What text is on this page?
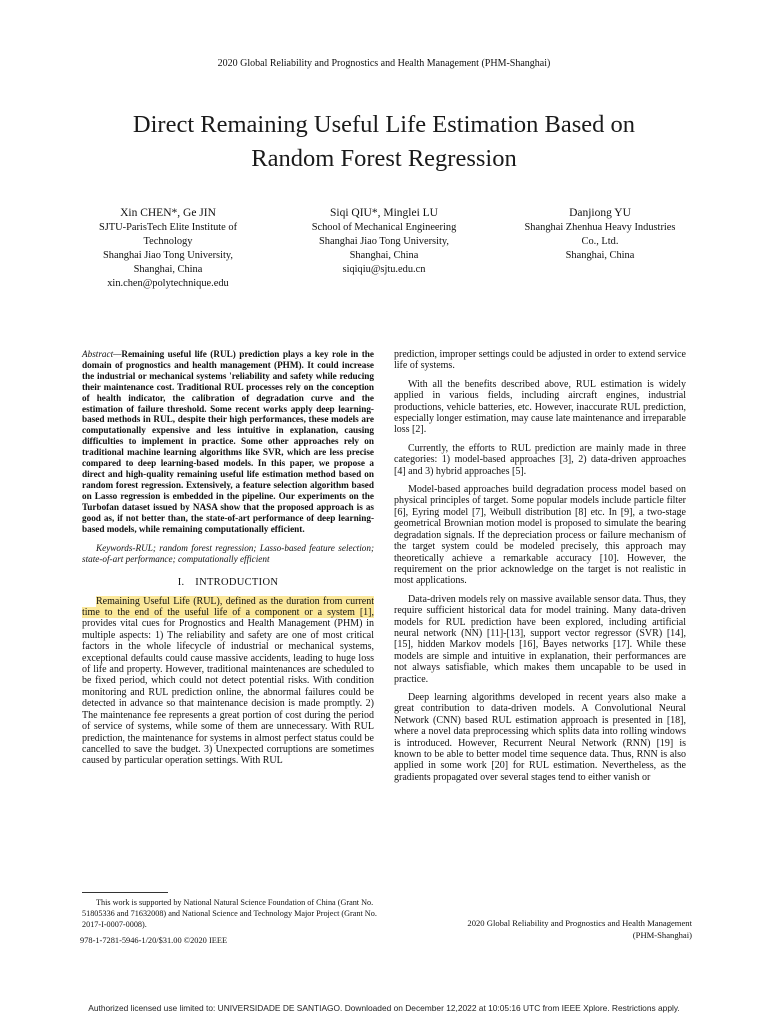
2020 Global Reliability and Prognostics and Health Management (PHM-Shanghai)
Direct Remaining Useful Life Estimation Based on
Random Forest Regression
Xin CHEN*, Ge JIN
SJTU-ParisTech Elite Institute of
Technology
Shanghai Jiao Tong University,
Shanghai, China
xin.chen@polytechnique.edu
Siqi QIU*, Minglei LU
School of Mechanical Engineering
Shanghai Jiao Tong University,
Shanghai, China
siqiqiu@sjtu.edu.cn
Danjiong YU
Shanghai Zhenhua Heavy Industries
Co., Ltd.
Shanghai, China

Abstract—Remaining useful life (RUL) prediction plays a key role in the domain of prognostics and health management (PHM). It could increase the industrial or mechanical systems 'reliability and safety while reducing their maintenance cost. Traditional RUL processes rely on the conception of health indicator, the calibration of degradation curve and the estimation of failure threshold. Some recent works apply deep learning-based methods in RUL, despite their high performances, these models are computationally expensive and less intuitive in explanation, causing difficulties to implement in practice. Some other approaches rely on traditional machine learning algorithms like SVR, which are less precise compared to deep learning-based models. In this paper, we propose a direct and high-quality remaining useful life estimation method based on random forest regression. Extensively, a feature selection algorithm based on Lasso regression is embedded in the pipeline. Our experiments on the Turbofan dataset issued by NASA show that the proposed approach is as good as, if not better than, the state-of-art performance of deep learning-based models, while remaining computationally efficient.

Keywords-RUL; random forest regression; Lasso-based feature selection; state-of-art performance; computationally efficient

I. INTRODUCTION

Remaining Useful Life (RUL), defined as the duration from current time to the end of the useful life of a component or a system [1], provides vital cues for Prognostics and Health Management (PHM) in multiple aspects: 1) The reliability and safety are one of most critical factors in the whole lifecycle of industrial or mechanical systems, exceptional defaults could cause massive accidents, leading to huge loss of life and property. However, traditional maintenances are scheduled to be fixed period, which could not detect potential risks. With condition monitoring and RUL prediction online, the abnormal failures could be detected in advance so that maintenance decision is made promptly. 2) The maintenance fee represents a great portion of cost during the period of service of systems, while some of them are unnecessary. With RUL prediction, the maintenance for systems in almost perfect status could be cancelled to save the budget. 3) Unexpected corruptions are sometimes caused by particular operation settings. With RUL

prediction, improper settings could be adjusted in order to extend service life of systems.

With all the benefits described above, RUL estimation is widely applied in various fields, including aircraft engines, industrial productions, vehicle batteries, etc. However, inaccurate RUL prediction, especially longer estimation, may cause late maintenance and irreparable loss [2].

Currently, the efforts to RUL prediction are mainly made in three categories: 1) model-based approaches [3], 2) data-driven approaches [4] and 3) hybrid approaches [5].

Model-based approaches build degradation process model based on physical principles of target. Some popular models include particle filter [6], Eyring model [7], Weibull distribution [8] etc. In [9], a two-stage geometrical Brownian motion model is proposed to simulate the bearing degradation signals. If the depreciation process or failure mechanism of the target system could be modeled precisely, this approach may theoretically achieve a remarkable accuracy [10]. However, the requirement on the prior acknowledge on the target is not realistic in most applications.

Data-driven models rely on massive available sensor data. Thus, they require sufficient historical data for model training. Many data-driven models for RUL prediction have been explored, including artificial neural network (NN) [11]-[13], support vector regressor (SVR) [14], [15], hidden Markov models [16], Bayes networks [17]. While these models are simple and intuitive in explanation, their performances are not always satisfiable, which makes them uncapable to be used in practice.

Deep learning algorithms developed in recent years also make a great contribution to data-driven models. A Convolutional Neural Network (CNN) based RUL estimation approach is presented in [18], where a novel data preprocessing which splits data into rolling windows is introduced. However, Recurrent Neural Network (RNN) [19] is known to be able to better model time sequence data. Thus, RNN is also applied in some work [20] for RUL estimation. Nevertheless, as the gradients propagated over several stages tend to either vanish or

This work is supported by National Natural Science Foundation of China (Grant No. 51805336 and 71632008) and National Science and Technology Major Project (Grant No. 2017-I-0007-0008).
978-1-7281-5946-1/20/$31.00 ©2020 IEEE
2020 Global Reliability and Prognostics and Health Management
(PHM-Shanghai)
Authorized licensed use limited to: UNIVERSIDADE DE SANTIAGO. Downloaded on December 12,2022 at 10:05:16 UTC from IEEE Xplore. Restrictions apply.
